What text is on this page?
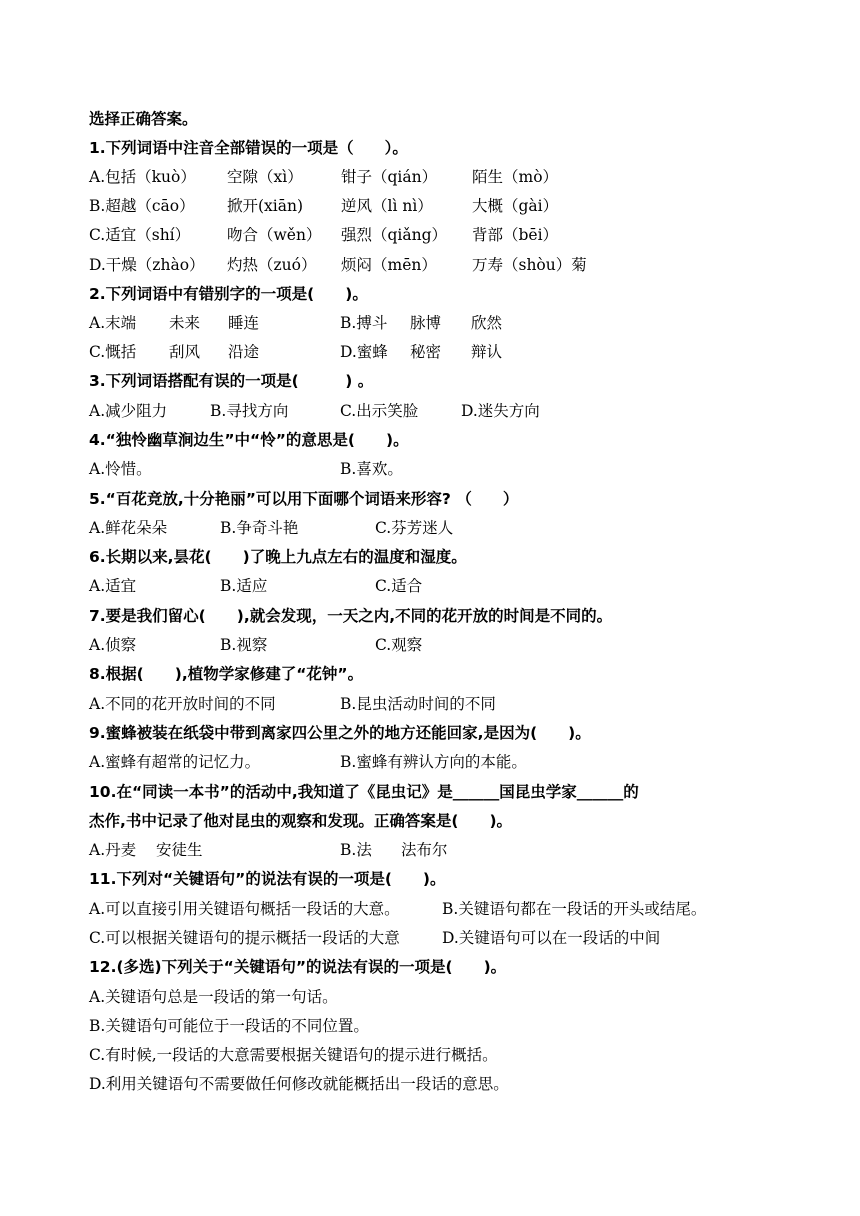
选择正确答案。
1.下列词语中注音全部错误的一项是（　　）。
A.包括（kuò） 空隙（xì） 钳子（qián） 陌生（mò）
B.超越（cāo） 掀开(xiān) 逆风（lì nì）	大概（gài）
C.适宜（shí） 吻合（wěn） 强烈（qiǎng） 背部（bēi）
D.干燥（zhào） 灼热（zuó） 烦闷（mēn） 万寿（shòu）菊
2.下列词语中有错别字的一项是(　　)。
A.末端 未来 睡连	B.搏斗 脉博 欣然
C.慨括 刮风 沿途	D.蜜蜂 秘密 辩认
3.下列词语搭配有误的一项是(　　　) 。
A.减少阻力	B.寻找方向	C.出示笑脸	D.迷失方向
4.“独怜幽草涧边生”中“怜”的意思是(　　)。
A.怜惜。	B.喜欢。
5.“百花竞放,十分艳丽”可以用下面哪个词语来形容? （　　）
A.鲜花朵朵	B.争奇斗艳	C.芬芳迷人
6.长期以来,昙花(　　)了晚上九点左右的温度和湿度。
A.适宜	B.适应	C.适合
7.要是我们留心(　　),就会发现，一天之内,不同的花开放的时间是不同的。
A.侦察	B.视察	C.观察
8.根据(　　),植物学家修建了“花钟”。
A.不同的花开放时间的不同	B.昆虫活动时间的不同
9.蜜蜂被装在纸袋中带到离家四公里之外的地方还能回家,是因为(　　)。
A.蜜蜂有超常的记忆力。	B.蜜蜂有辨认方向的本能。
10.在“同读一本书”的活动中,我知道了《昆虫记》是______国昆虫学家______的
杰作,书中记录了他对昆虫的观察和发现。正确答案是(　　)。
A.丹麦 安徒生	B.法 法布尔
11.下列对“关键语句”的说法有误的一项是(　　)。
A.可以直接引用关键语句概括一段话的大意。	B.关键语句都在一段话的开头或结尾。
C.可以根据关键语句的提示概括一段话的大意	D.关键语句可以在一段话的中间
12.(多选)下列关于“关键语句”的说法有误的一项是(　　)。
A.关键语句总是一段话的第一句话。
B.关键语句可能位于一段话的不同位置。
C.有时候,一段话的大意需要根据关键语句的提示进行概括。
D.利用关键语句不需要做任何修改就能概括出一段话的意思。
